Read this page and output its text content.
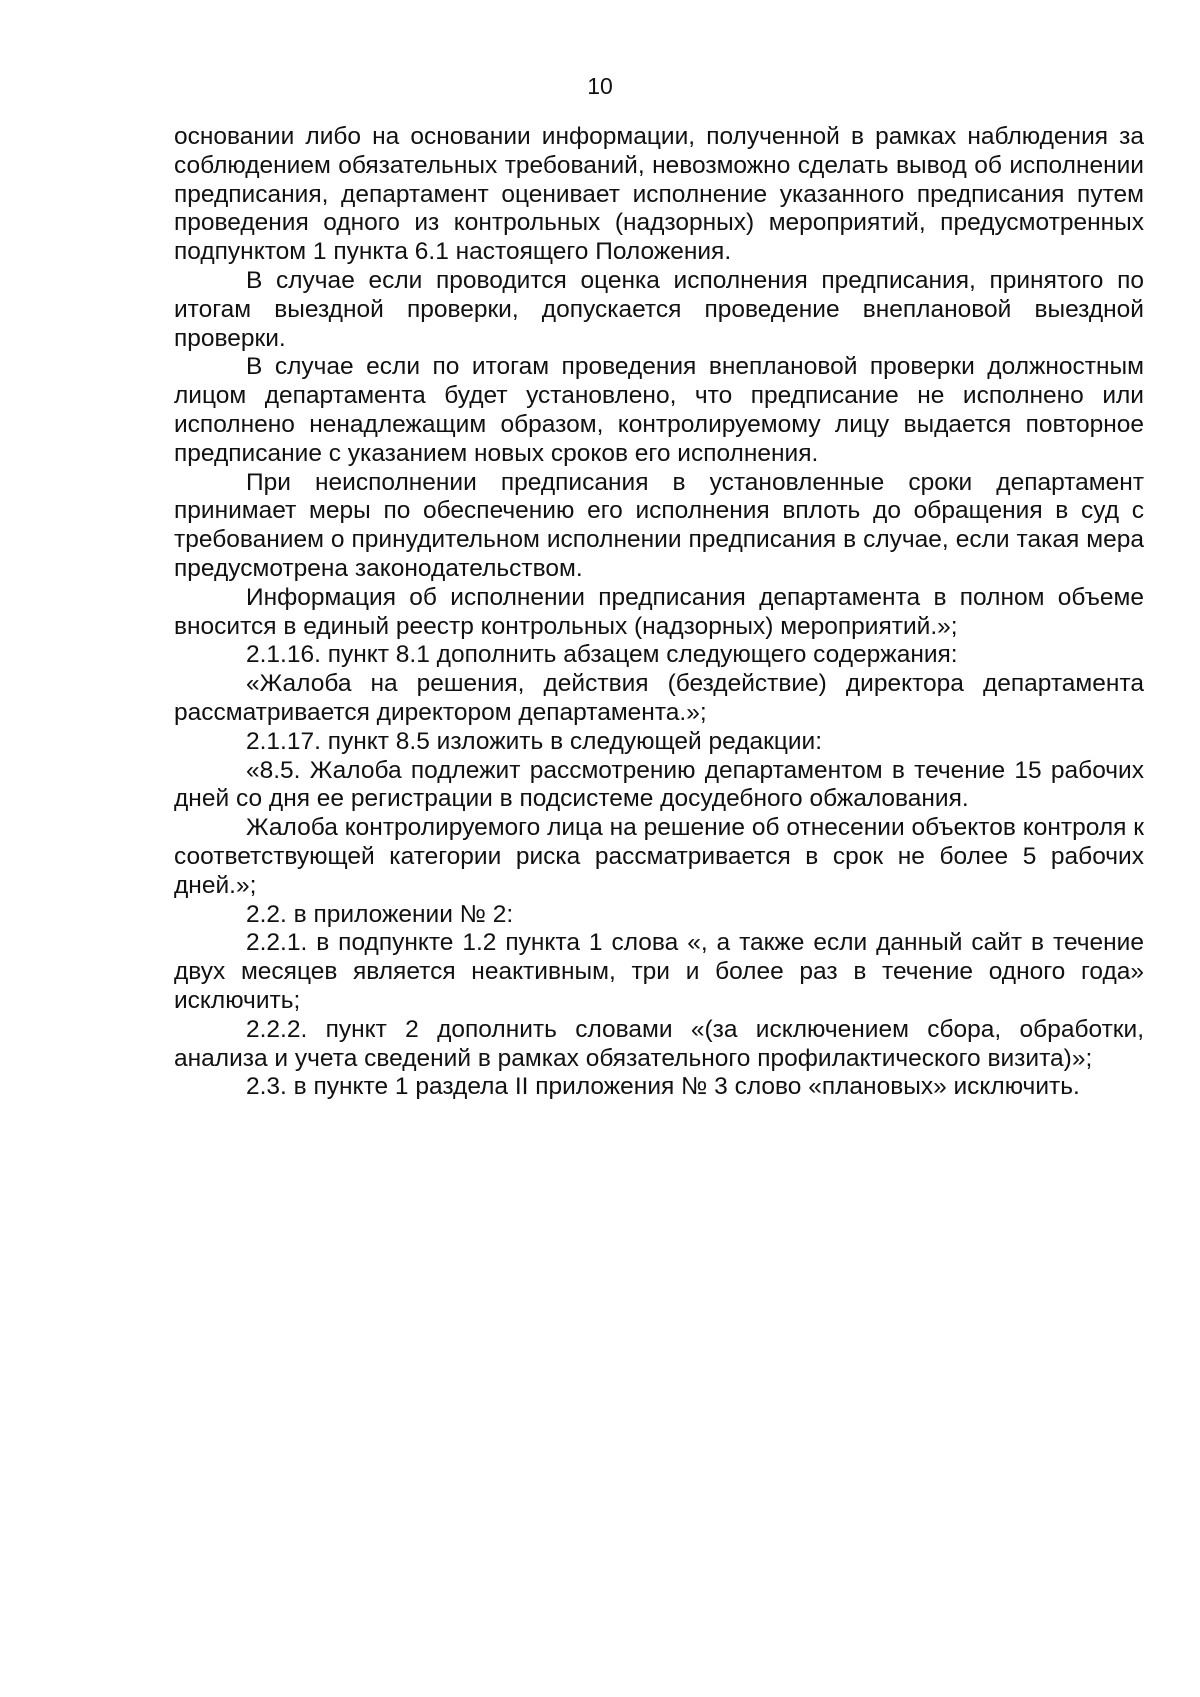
10

основании либо на основании информации, полученной в рамках наблюдения за соблюдением обязательных требований, невозможно сделать вывод об исполнении предписания, департамент оценивает исполнение указанного предписания путем проведения одного из контрольных (надзорных) мероприятий, предусмотренных подпунктом 1 пункта 6.1 настоящего Положения.

В случае если проводится оценка исполнения предписания, принятого по итогам выездной проверки, допускается проведение внеплановой выездной проверки.

В случае если по итогам проведения внеплановой проверки должностным лицом департамента будет установлено, что предписание не исполнено или исполнено ненадлежащим образом, контролируемому лицу выдается повторное предписание с указанием новых сроков его исполнения.

При неисполнении предписания в установленные сроки департамент принимает меры по обеспечению его исполнения вплоть до обращения в суд с требованием о принудительном исполнении предписания в случае, если такая мера предусмотрена законодательством.

Информация об исполнении предписания департамента в полном объеме вносится в единый реестр контрольных (надзорных) мероприятий.»;

2.1.16. пункт 8.1 дополнить абзацем следующего содержания:

«Жалоба на решения, действия (бездействие) директора департамента рассматривается директором департамента.»;

2.1.17. пункт 8.5 изложить в следующей редакции:

«8.5. Жалоба подлежит рассмотрению департаментом в течение 15 рабочих дней со дня ее регистрации в подсистеме досудебного обжалования.

Жалоба контролируемого лица на решение об отнесении объектов контроля к соответствующей категории риска рассматривается в срок не более 5 рабочих дней.»;

2.2. в приложении № 2:

2.2.1. в подпункте 1.2 пункта 1 слова «, а также если данный сайт в течение двух месяцев является неактивным, три и более раз в течение одного года» исключить;

2.2.2. пункт 2 дополнить словами «(за исключением сбора, обработки, анализа и учета сведений в рамках обязательного профилактического визита)»;

2.3. в пункте 1 раздела II приложения № 3 слово «плановых» исключить.
